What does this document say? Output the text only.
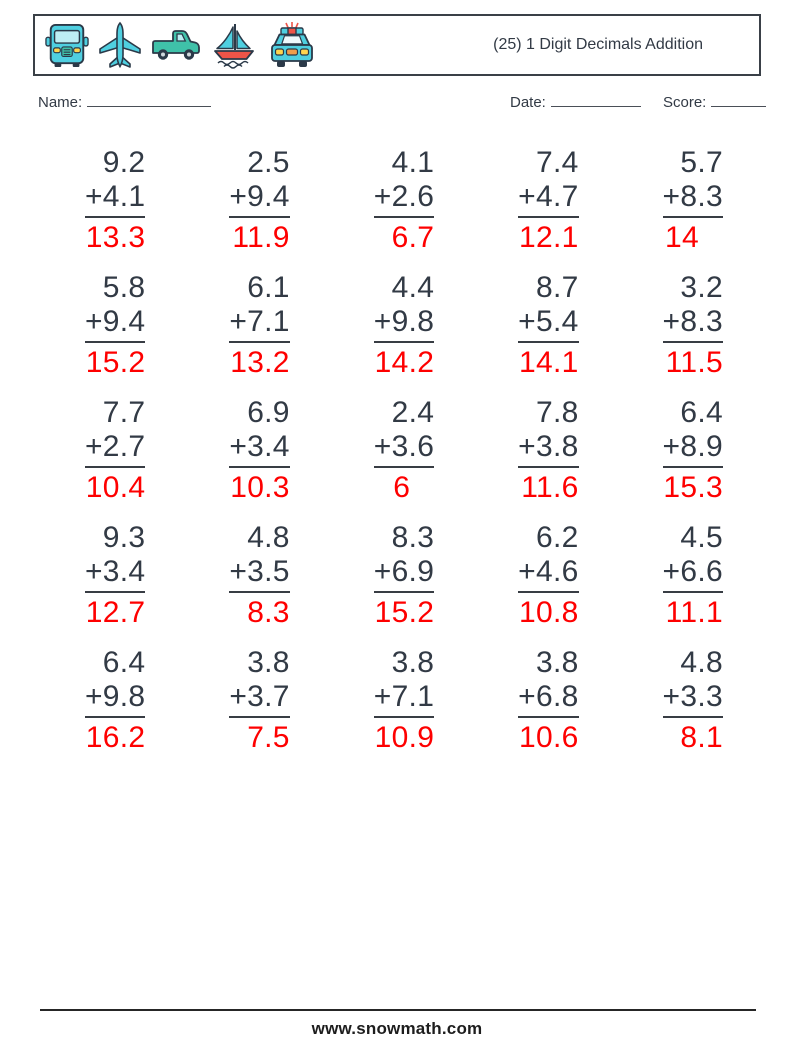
(25) 1 Digit Decimals Addition
Name:	Date:	Score:
9.2
+4.1
13.3
2.5
+9.4
11.9
4.1
+2.6
6.7
7.4
+4.7
12.1
5.7
+8.3
14
5.8
+9.4
15.2
6.1
+7.1
13.2
4.4
+9.8
14.2
8.7
+5.4
14.1
3.2
+8.3
11.5
7.7
+2.7
10.4
6.9
+3.4
10.3
2.4
+3.6
6
7.8
+3.8
11.6
6.4
+8.9
15.3
9.3
+3.4
12.7
4.8
+3.5
8.3
8.3
+6.9
15.2
6.2
+4.6
10.8
4.5
+6.6
11.1
6.4
+9.8
16.2
3.8
+3.7
7.5
3.8
+7.1
10.9
3.8
+6.8
10.6
4.8
+3.3
8.1
www.snowmath.com
